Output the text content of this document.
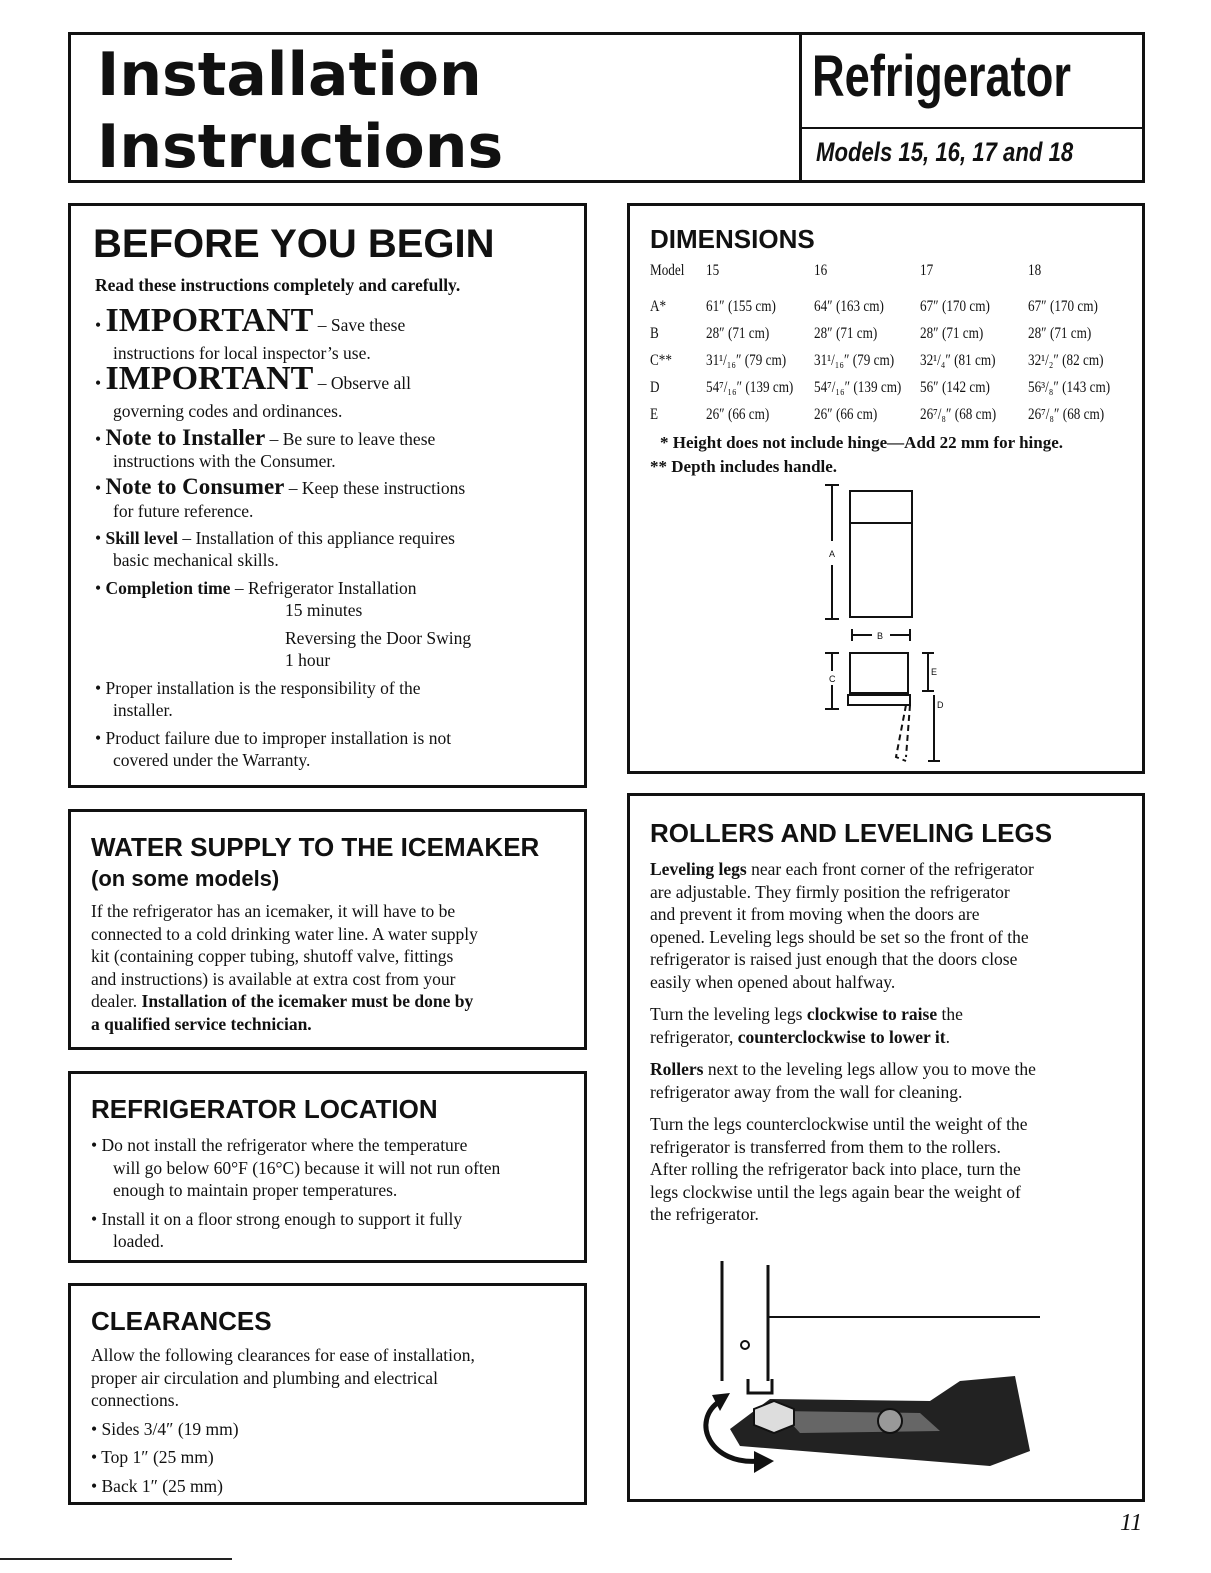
Installation
Instructions
Refrigerator
Models 15, 16, 17 and 18
BEFORE YOU BEGIN
Read these instructions completely and carefully.
• IMPORTANT – Save these
instructions for local inspector’s use.
• IMPORTANT – Observe all
governing codes and ordinances.
• Note to Installer – Be sure to leave these
instructions with the Consumer.
• Note to Consumer – Keep these instructions
for future reference.
• Skill level – Installation of this appliance requires
basic mechanical skills.
• Completion time – Refrigerator Installation
15 minutes
Reversing the Door Swing
1 hour
• Proper installation is the responsibility of the
installer.
• Product failure due to improper installation is not
covered under the Warranty.
DIMENSIONS
Model 15	16	17	18
A*	61″ (155 cm) 64″ (163 cm) 67″ (170 cm) 67″ (170 cm)
B	28″ (71 cm)	28″ (71 cm)	28″ (71 cm)	28″ (71 cm)
C** 31¹/₁₆″ (79 cm) 31¹/₁₆″ (79 cm) 32¹/₄″ (81 cm) 32¹/₂″ (82 cm)
D	54⁷/₁₆″ (139 cm) 54⁷/₁₆″ (139 cm) 56″ (142 cm) 56³/₈″ (143 cm)
E	26″ (66 cm)	26″ (66 cm)	26⁷/₈″ (68 cm) 26⁷/₈″ (68 cm)
* Height does not include hinge—Add 22 mm for hinge.
** Depth includes handle.
A
B
C
D
E
WATER SUPPLY TO THE ICEMAKER
(on some models)
If the refrigerator has an icemaker, it will have to be
connected to a cold drinking water line. A water supply
kit (containing copper tubing, shutoff valve, fittings
and instructions) is available at extra cost from your
dealer. Installation of the icemaker must be done by
a qualified service technician.
REFRIGERATOR LOCATION
• Do not install the refrigerator where the temperature
will go below 60°F (16°C) because it will not run often
enough to maintain proper temperatures.
• Install it on a floor strong enough to support it fully
loaded.
CLEARANCES
Allow the following clearances for ease of installation,
proper air circulation and plumbing and electrical
connections.
• Sides 3/4″ (19 mm)
• Top 1″ (25 mm)
• Back 1″ (25 mm)
ROLLERS AND LEVELING LEGS
Leveling legs near each front corner of the refrigerator
are adjustable. They firmly position the refrigerator
and prevent it from moving when the doors are
opened. Leveling legs should be set so the front of the
refrigerator is raised just enough that the doors close
easily when opened about halfway.
Turn the leveling legs clockwise to raise the
refrigerator, counterclockwise to lower it.
Rollers next to the leveling legs allow you to move the
refrigerator away from the wall for cleaning.
Turn the legs counterclockwise until the weight of the
refrigerator is transferred from them to the rollers.
After rolling the refrigerator back into place, turn the
legs clockwise until the legs again bear the weight of
the refrigerator.
11
